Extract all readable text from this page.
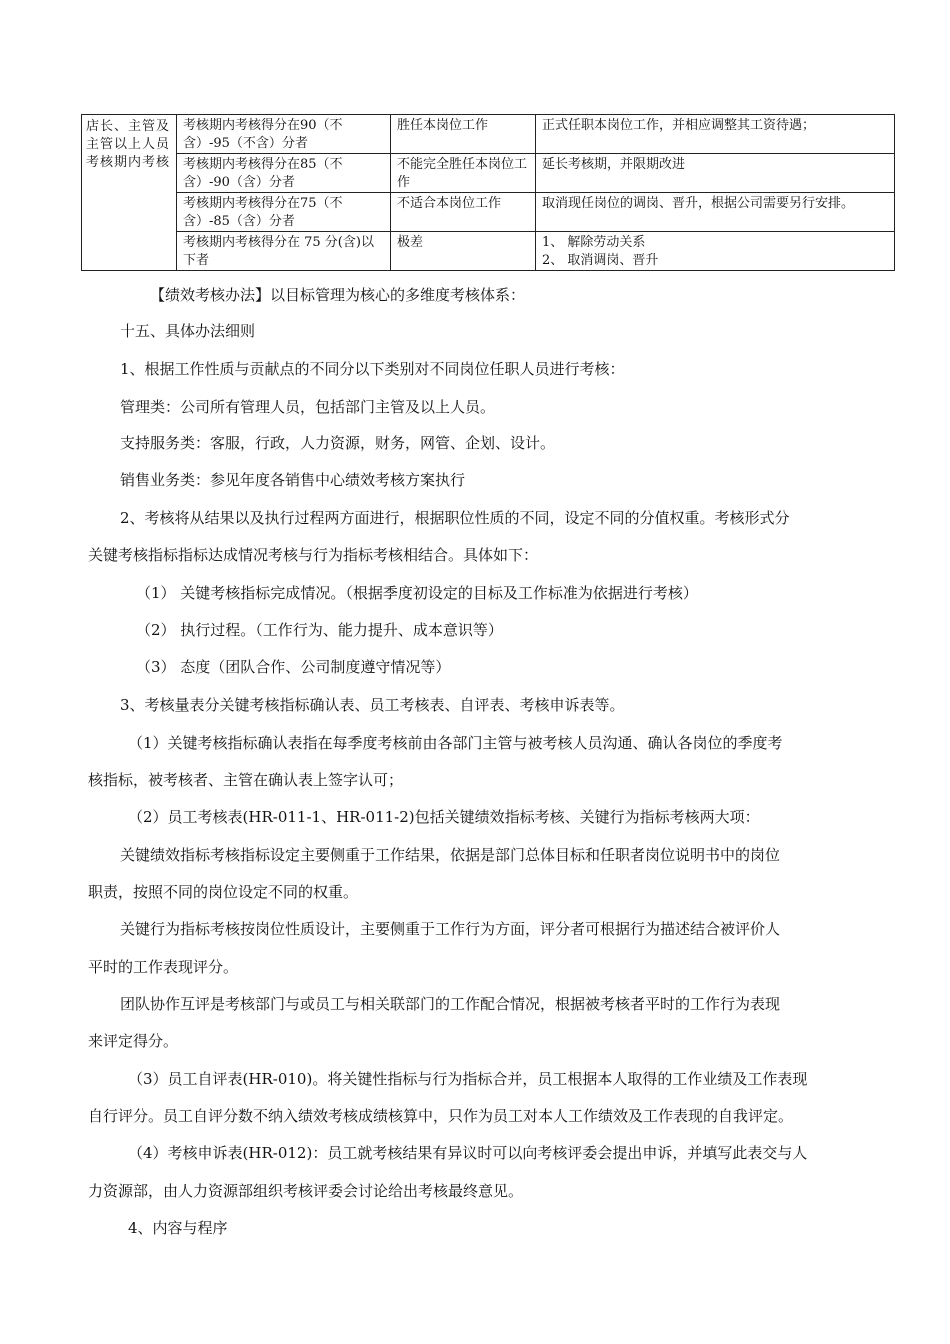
店长、主管及主管以上人员考核期内考核	考核期内考核得分在90（不含）-95（不含）分者	胜任本岗位工作	正式任职本岗位工作，并相应调整其工资待遇；
	考核期内考核得分在85（不含）-90（含）分者	不能完全胜任本岗位工作	延长考核期，并限期改进
	考核期内考核得分在75（不含）-85（含）分者	不适合本岗位工作	取消现任岗位的调岗、晋升，根据公司需要另行安排。
	考核期内考核得分在 75 分(含)以下者	极差	1、 解除劳动关系
2、 取消调岗、晋升
【绩效考核办法】以目标管理为核心的多维度考核体系：
十五、具体办法细则
1、根据工作性质与贡献点的不同分以下类别对不同岗位任职人员进行考核：
管理类：公司所有管理人员，包括部门主管及以上人员。
支持服务类：客服，行政，人力资源，财务，网管、企划、设计。
销售业务类：参见年度各销售中心绩效考核方案执行
2、考核将从结果以及执行过程两方面进行，根据职位性质的不同，设定不同的分值权重。考核形式分
关键考核指标指标达成情况考核与行为指标考核相结合。具体如下：
（1） 关键考核指标完成情况。（根据季度初设定的目标及工作标准为依据进行考核）
（2） 执行过程。（工作行为、能力提升、成本意识等）
（3） 态度（团队合作、公司制度遵守情况等）
3、考核量表分关键考核指标确认表、员工考核表、自评表、考核申诉表等。
（1）关键考核指标确认表指在每季度考核前由各部门主管与被考核人员沟通、确认各岗位的季度考
核指标，被考核者、主管在确认表上签字认可；
（2）员工考核表(HR-011-1、HR-011-2)包括关键绩效指标考核、关键行为指标考核两大项：
关键绩效指标考核指标设定主要侧重于工作结果，依据是部门总体目标和任职者岗位说明书中的岗位
职责，按照不同的岗位设定不同的权重。
关键行为指标考核按岗位性质设计，主要侧重于工作行为方面，评分者可根据行为描述结合被评价人
平时的工作表现评分。
团队协作互评是考核部门与或员工与相关联部门的工作配合情况，根据被考核者平时的工作行为表现
来评定得分。
（3）员工自评表(HR-010)。将关键性指标与行为指标合并，员工根据本人取得的工作业绩及工作表现
自行评分。员工自评分数不纳入绩效考核成绩核算中，只作为员工对本人工作绩效及工作表现的自我评定。
（4）考核申诉表(HR-012)：员工就考核结果有异议时可以向考核评委会提出申诉，并填写此表交与人
力资源部，由人力资源部组织考核评委会讨论给出考核最终意见。
4、内容与程序
